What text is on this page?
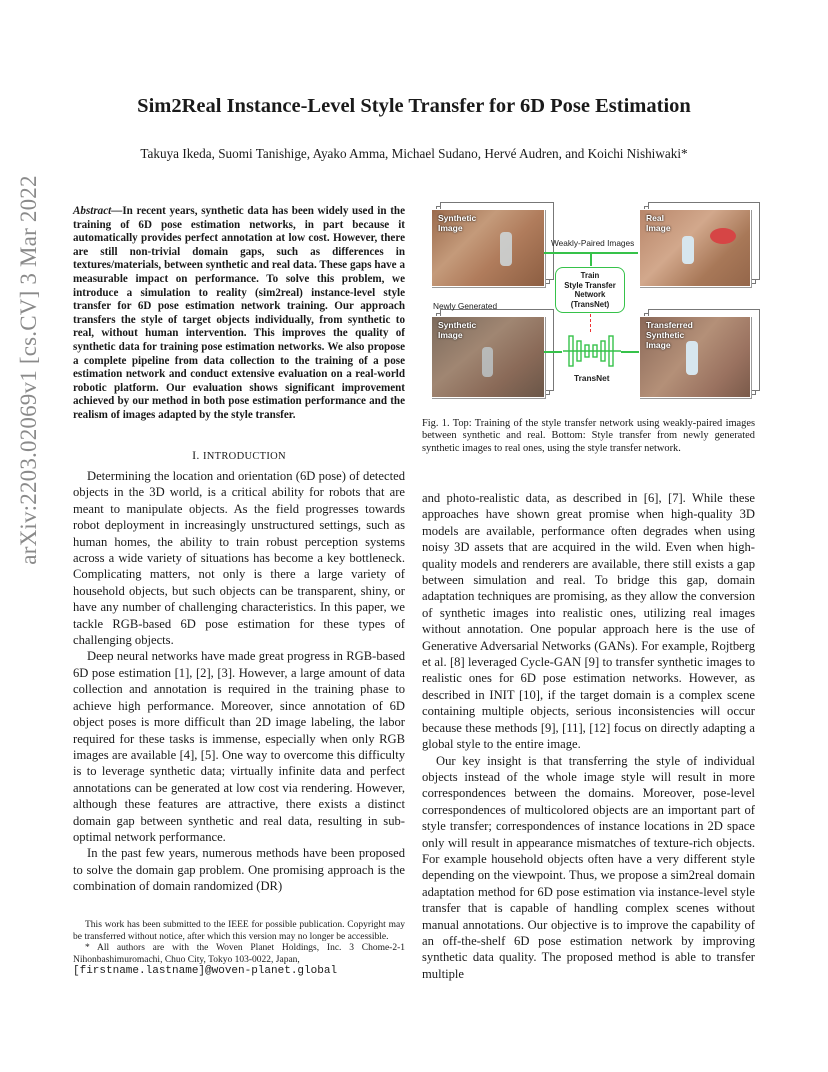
arXiv:2203.02069v1 [cs.CV] 3 Mar 2022
Sim2Real Instance-Level Style Transfer for 6D Pose Estimation
Takuya Ikeda, Suomi Tanishige, Ayako Amma, Michael Sudano, Hervé Audren, and Koichi Nishiwaki*
Abstract—In recent years, synthetic data has been widely used in the training of 6D pose estimation networks, in part because it automatically provides perfect annotation at low cost. However, there are still non-trivial domain gaps, such as differences in textures/materials, between synthetic and real data. These gaps have a measurable impact on performance. To solve this problem, we introduce a simulation to reality (sim2real) instance-level style transfer for 6D pose estimation network training. Our approach transfers the style of target objects individually, from synthetic to real, without human intervention. This improves the quality of synthetic data for training pose estimation networks. We also propose a complete pipeline from data collection to the training of a pose estimation network and conduct extensive evaluation on a real-world robotic platform. Our evaluation shows significant improvement achieved by our method in both pose estimation performance and the realism of images adapted by the style transfer.
I. INTRODUCTION

Determining the location and orientation (6D pose) of detected objects in the 3D world, is a critical ability for robots that are meant to manipulate objects. As the field progresses towards robot deployment in increasingly unstructured settings, such as human homes, the ability to train robust perception systems across a wide variety of situations has become a key bottleneck. Complicating matters, not only is there a large variety of household objects, but such objects can be transparent, shiny, or have any number of challenging characteristics. In this paper, we tackle RGB-based 6D pose estimation for these types of challenging objects.

Deep neural networks have made great progress in RGB-based 6D pose estimation [1], [2], [3]. However, a large amount of data collection and annotation is required in the training phase to achieve high performance. Moreover, since annotation of 6D object poses is more difficult than 2D image labeling, the labor required for these tasks is immense, especially when only RGB images are available [4], [5]. One way to overcome this difficulty is to leverage synthetic data; virtually infinite data and perfect annotations can be generated at low cost via rendering. However, although these features are attractive, there exists a distinct domain gap between synthetic and real data, resulting in sub-optimal network performance.

In the past few years, numerous methods have been proposed to solve the domain gap problem. One promising approach is the combination of domain randomized (DR)

This work has been submitted to the IEEE for possible publication. Copyright may be transferred without notice, after which this version may no longer be accessible.

* All authors are with the Woven Planet Holdings, Inc. 3 Chome-2-1 Nihonbashimuromachi, Chuo City, Tokyo 103-0022, Japan,

[firstname.lastname]@woven-planet.global
Synthetic
Image
Real
Image
Weakly-Paired Images
Train
Style Transfer
Network
(TransNet)
Newly Generated
Synthetic
Image
TransNet
Transferred
Synthetic
Image
Fig. 1. Top: Training of the style transfer network using weakly-paired images between synthetic and real. Bottom: Style transfer from newly generated synthetic images to real ones, using the style transfer network.

and photo-realistic data, as described in [6], [7]. While these approaches have shown great promise when high-quality 3D models are available, performance often degrades when using noisy 3D assets that are acquired in the wild. Even when high-quality models and renderers are available, there still exists a gap between simulation and real. To bridge this gap, domain adaptation techniques are promising, as they allow the conversion of synthetic images into realistic ones, utilizing real images without annotation. One popular approach here is the use of Generative Adversarial Networks (GANs). For example, Rojtberg et al. [8] leveraged Cycle-GAN [9] to transfer synthetic images to realistic ones for 6D pose estimation networks. However, as described in INIT [10], if the target domain is a complex scene containing multiple objects, serious inconsistencies will occur because these methods [9], [11], [12] focus on directly adapting a global style to the entire image.

Our key insight is that transferring the style of individual objects instead of the whole image style will result in more correspondences between the domains. Moreover, pose-level correspondences of multicolored objects are an important part of style transfer; correspondences of instance locations in 2D space only will result in appearance mismatches of texture-rich objects. For example household objects often have a very different style depending on the viewpoint. Thus, we propose a sim2real domain adaptation method for 6D pose estimation via instance-level style transfer that is capable of handling complex scenes without manual annotations. Our objective is to improve the capability of an off-the-shelf 6D pose estimation network by improving synthetic data quality. The proposed method is able to transfer multiple
